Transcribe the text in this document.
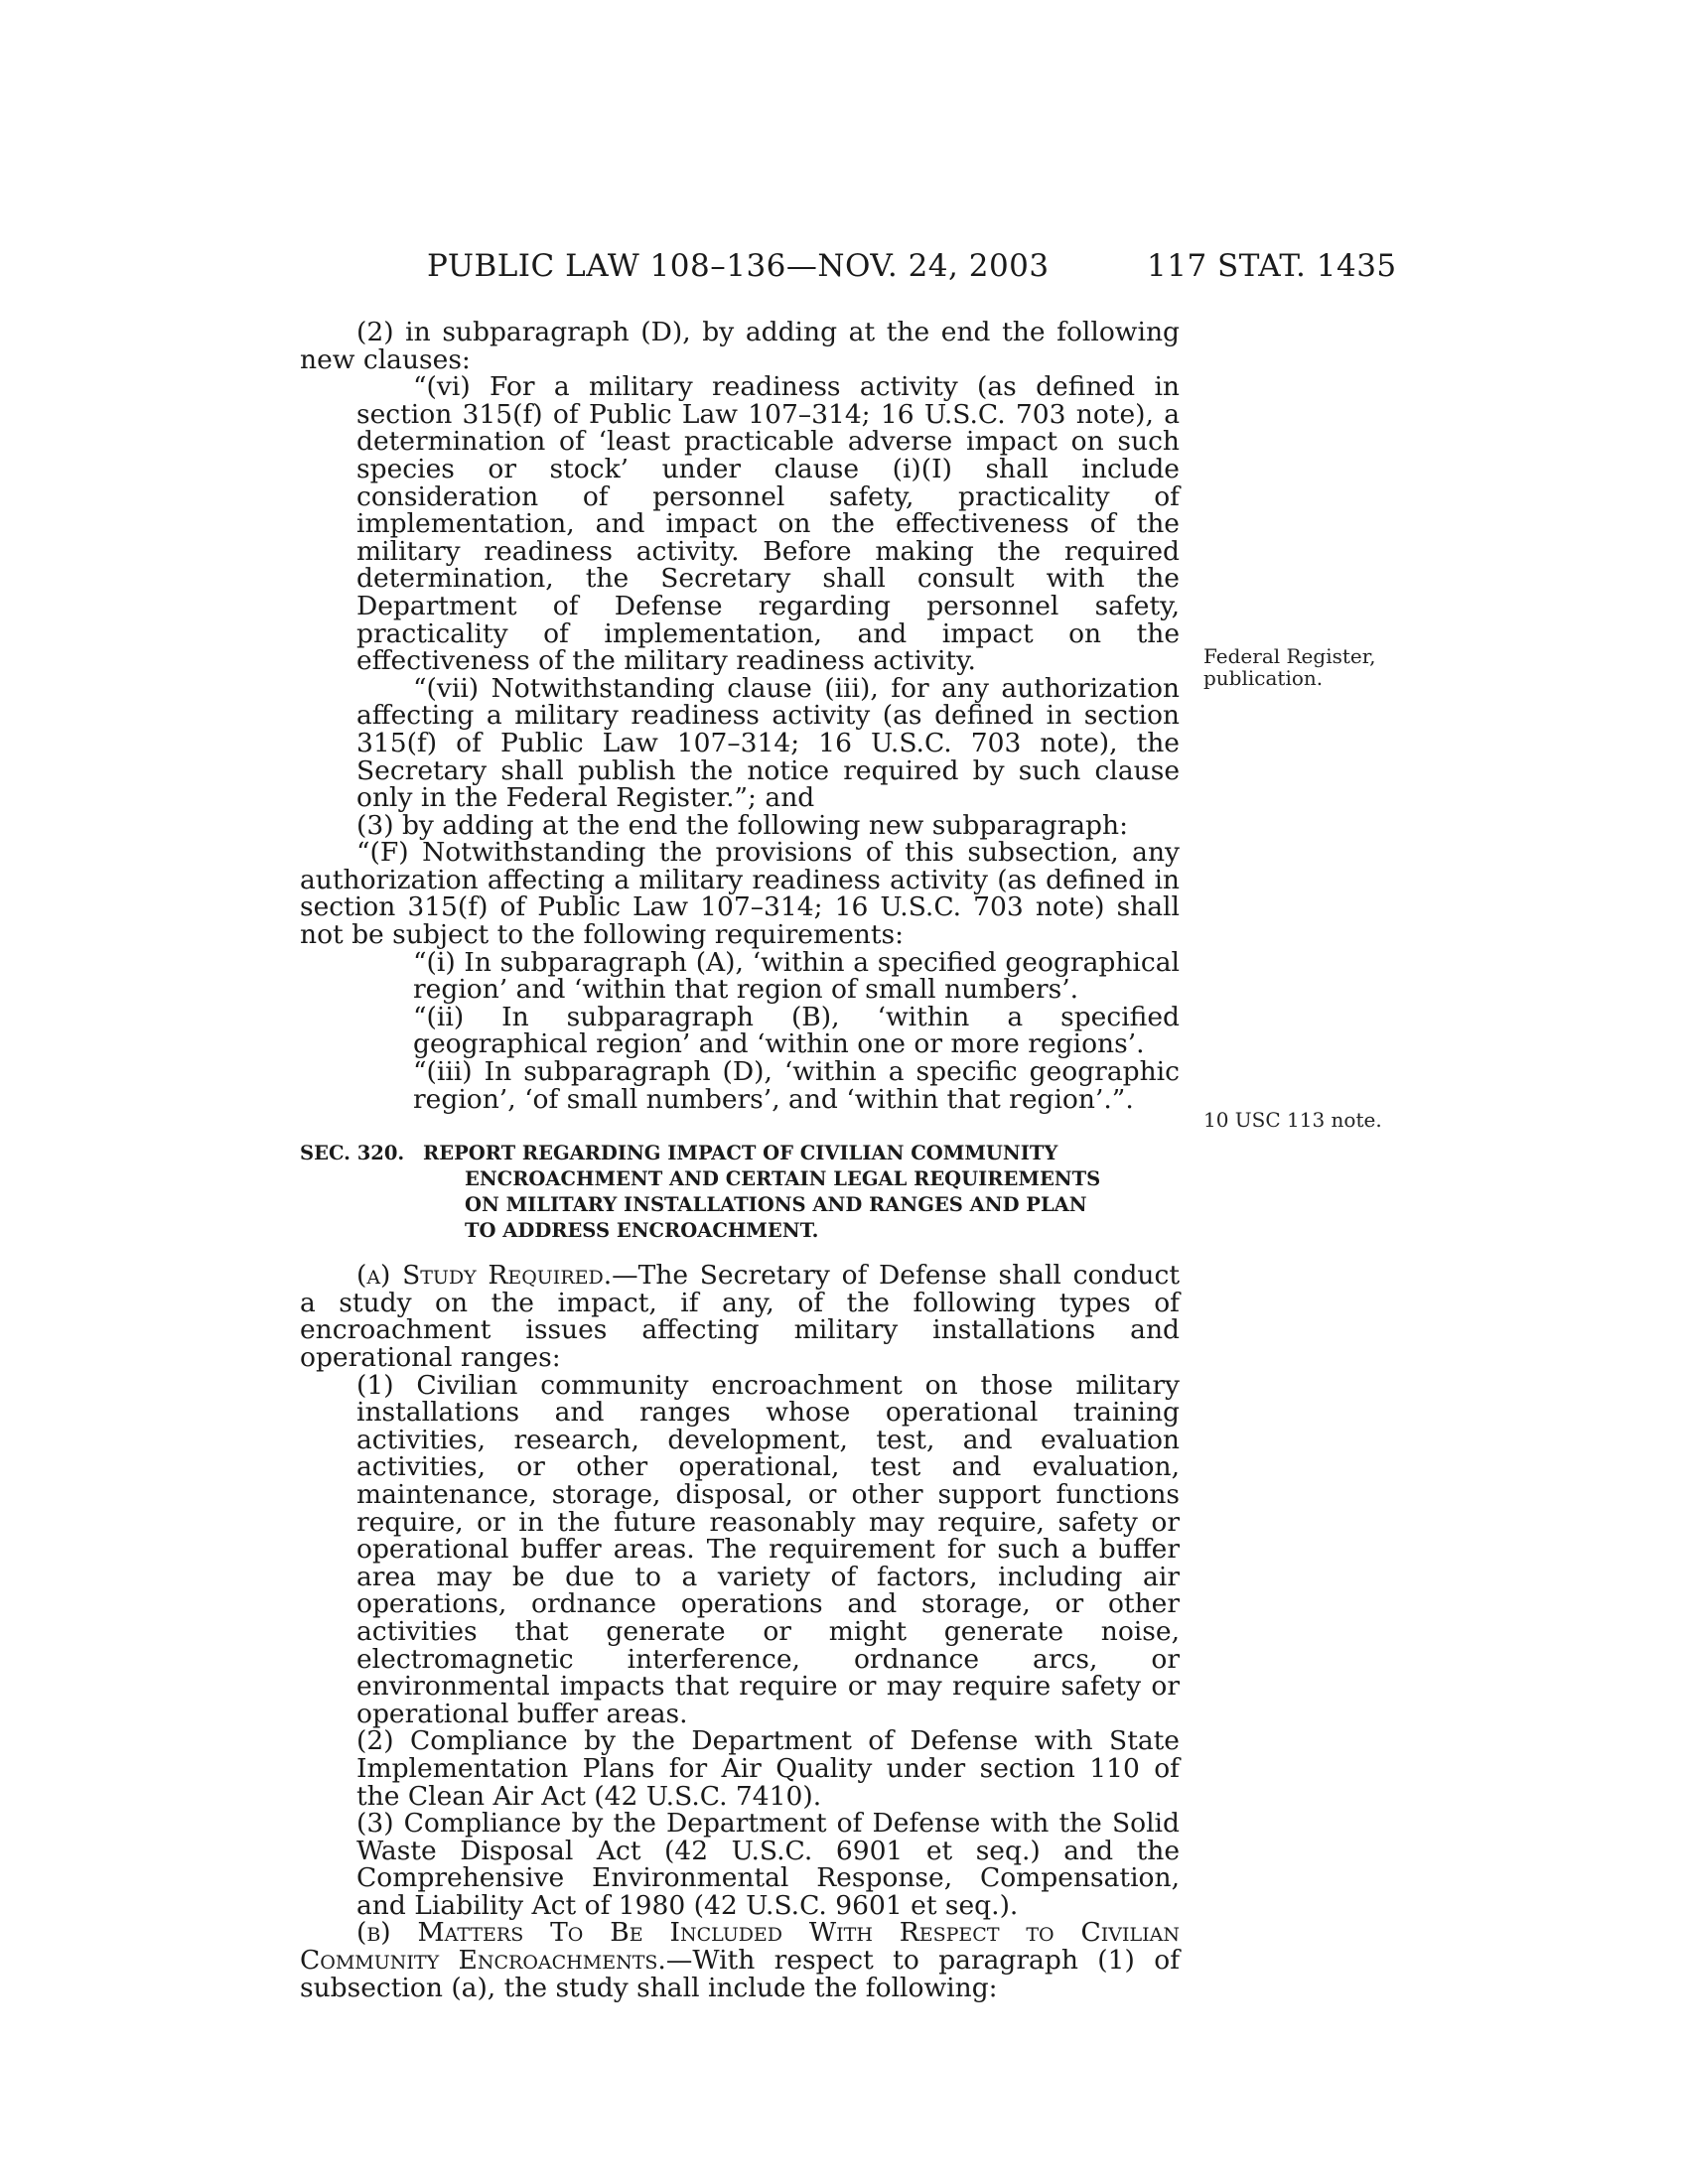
PUBLIC LAW 108–136—NOV. 24, 2003	117 STAT. 1435
Federal Register,
publication.
10 USC 113 note.

(2) in subparagraph (D), by adding at the end the following new clauses:

“(vi) For a military readiness activity (as defined in section 315(f) of Public Law 107–314; 16 U.S.C. 703 note), a determination of ‘least practicable adverse impact on such species or stock’ under clause (i)(I) shall include consideration of personnel safety, practicality of implementation, and impact on the effectiveness of the military readiness activity. Before making the required determination, the Secretary shall consult with the Department of Defense regarding personnel safety, practicality of implementation, and impact on the effectiveness of the military readiness activity.

“(vii) Notwithstanding clause (iii), for any authorization affecting a military readiness activity (as defined in section 315(f) of Public Law 107–314; 16 U.S.C. 703 note), the Secretary shall publish the notice required by such clause only in the Federal Register.”; and

(3) by adding at the end the following new subparagraph:

“(F) Notwithstanding the provisions of this subsection, any authorization affecting a military readiness activity (as defined in section 315(f) of Public Law 107–314; 16 U.S.C. 703 note) shall not be subject to the following requirements:

“(i) In subparagraph (A), ‘within a specified geographical region’ and ‘within that region of small numbers’.

“(ii) In subparagraph (B), ‘within a specified geographical region’ and ‘within one or more regions’.

“(iii) In subparagraph (D), ‘within a specific geographic region’, ‘of small numbers’, and ‘within that region’.”.

SEC. 320. REPORT REGARDING IMPACT OF CIVILIAN COMMUNITY
ENCROACHMENT AND CERTAIN LEGAL REQUIREMENTS
ON MILITARY INSTALLATIONS AND RANGES AND PLAN
TO ADDRESS ENCROACHMENT.

(a) Study Required.—The Secretary of Defense shall conduct a study on the impact, if any, of the following types of encroachment issues affecting military installations and operational ranges:

(1) Civilian community encroachment on those military installations and ranges whose operational training activities, research, development, test, and evaluation activities, or other operational, test and evaluation, maintenance, storage, disposal, or other support functions require, or in the future reasonably may require, safety or operational buffer areas. The requirement for such a buffer area may be due to a variety of factors, including air operations, ordnance operations and storage, or other activities that generate or might generate noise, electromagnetic interference, ordnance arcs, or environmental impacts that require or may require safety or operational buffer areas.

(2) Compliance by the Department of Defense with State Implementation Plans for Air Quality under section 110 of the Clean Air Act (42 U.S.C. 7410).

(3) Compliance by the Department of Defense with the Solid Waste Disposal Act (42 U.S.C. 6901 et seq.) and the Comprehensive Environmental Response, Compensation, and Liability Act of 1980 (42 U.S.C. 9601 et seq.).

(b) Matters To Be Included With Respect to Civilian Community Encroachments.—With respect to paragraph (1) of subsection (a), the study shall include the following:
